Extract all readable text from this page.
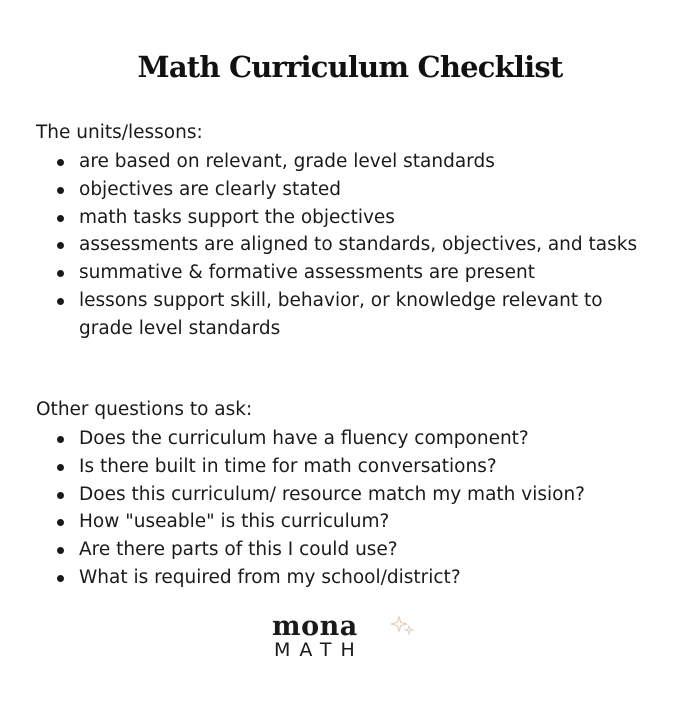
Math Curriculum Checklist

The units/lessons:

are based on relevant, grade level standards
objectives are clearly stated
math tasks support the objectives
assessments are aligned to standards, objectives, and tasks
summative & formative assessments are present
lessons support skill, behavior, or knowledge relevant to grade level standards

Other questions to ask:

Does the curriculum have a fluency component?
Is there built in time for math conversations?
Does this curriculum/ resource match my math vision?
How "useable" is this curriculum?
Are there parts of this I could use?
What is required from my school/district?
mona
MATH
